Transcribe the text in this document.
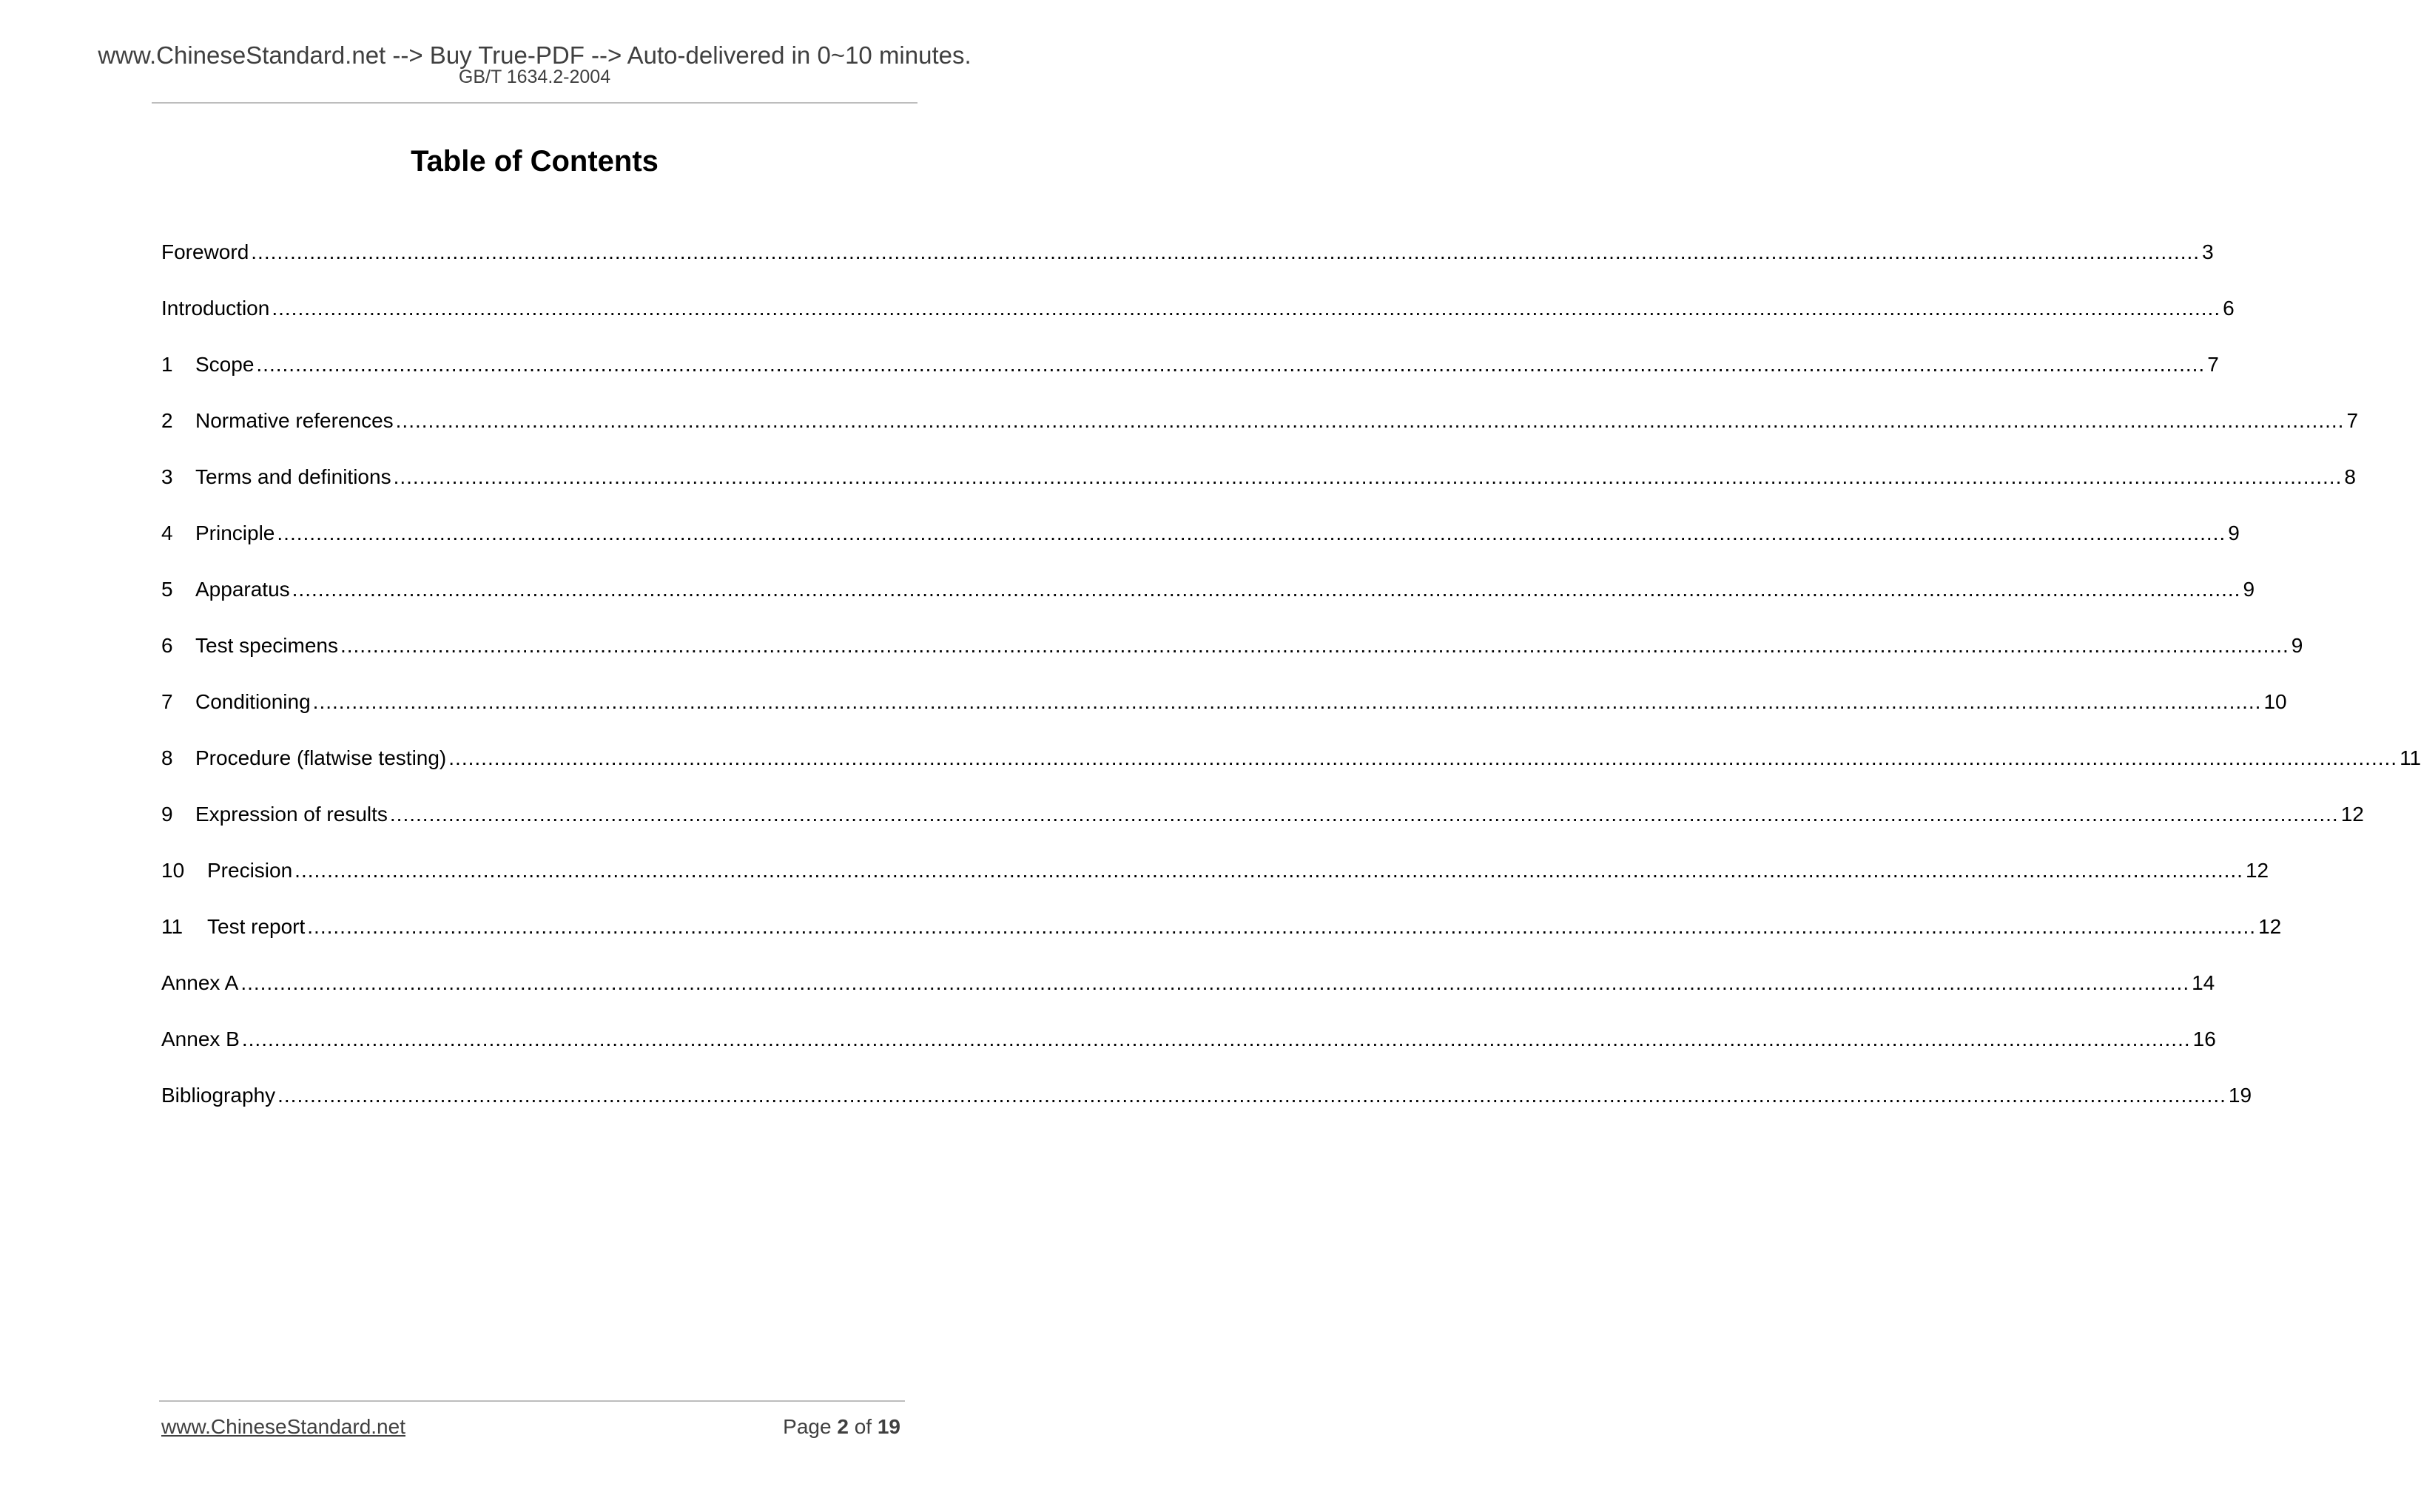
www.ChineseStandard.net --> Buy True-PDF --> Auto-delivered in 0~10 minutes.
GB/T 1634.2-2004
Table of Contents
Foreword ............................................................................................................................................................................................................................................................................................................ 3
Introduction ............................................................................................................................................................................................................................................................................................................ 6
1	Scope ............................................................................................................................................................................................................................................................................................................ 7
2	Normative references ............................................................................................................................................................................................................................................................................................................ 7
3	Terms and definitions ............................................................................................................................................................................................................................................................................................................ 8
4	Principle ............................................................................................................................................................................................................................................................................................................ 9
5	Apparatus ............................................................................................................................................................................................................................................................................................................ 9
6	Test specimens ............................................................................................................................................................................................................................................................................................................ 9
7	Conditioning ............................................................................................................................................................................................................................................................................................................ 10
8	Procedure (flatwise testing) ............................................................................................................................................................................................................................................................................................................ 11
9	Expression of results ............................................................................................................................................................................................................................................................................................................ 12
10	Precision ............................................................................................................................................................................................................................................................................................................ 12
11	Test report ............................................................................................................................................................................................................................................................................................................ 12
Annex A ............................................................................................................................................................................................................................................................................................................ 14
Annex B ............................................................................................................................................................................................................................................................................................................ 16
Bibliography ............................................................................................................................................................................................................................................................................................................ 19
www.ChineseStandard.net	Page 2 of 19
